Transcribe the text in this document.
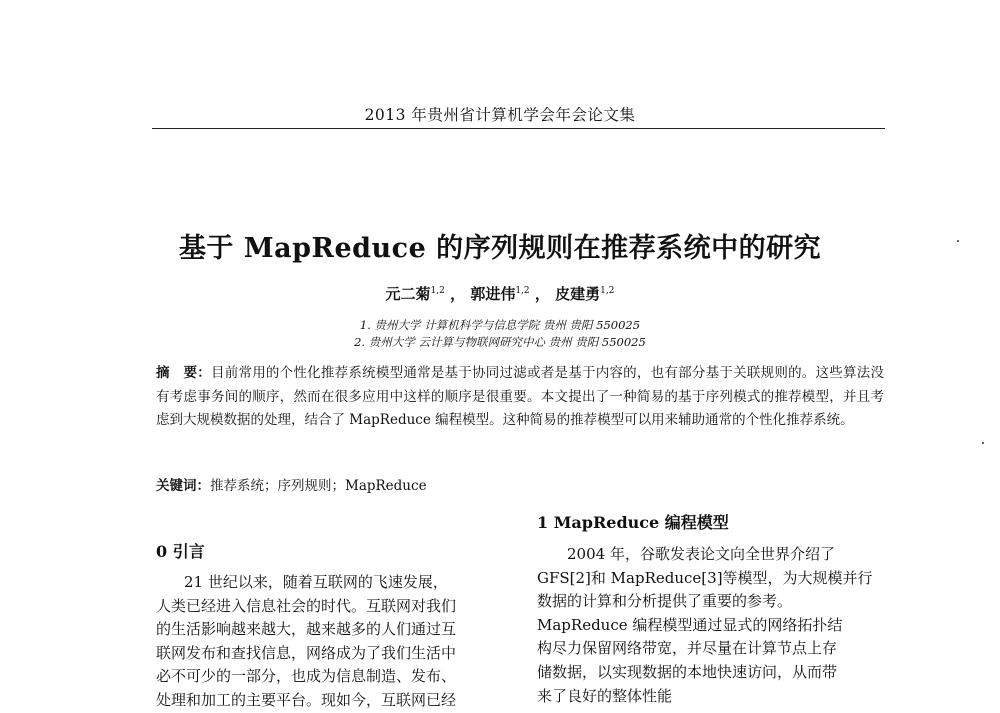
2013 年贵州省计算机学会年会论文集
基于 MapReduce 的序列规则在推荐系统中的研究
元二菊$^{1,2}$ ， 郭进伟$^{1,2}$ ， 皮建勇$^{1,2}$
1. 贵州大学 计算机科学与信息学院 贵州 贵阳 550025
2. 贵州大学 云计算与物联网研究中心 贵州 贵阳 550025
摘　要：目前常用的个性化推荐系统模型通常是基于协同过滤或者是基于内容的，也有部分基于关联规则的。这些算法没有考虑事务间的顺序，然而在很多应用中这样的顺序是很重要。本文提出了一种简易的基于序列模式的推荐模型，并且考虑到大规模数据的处理，结合了 MapReduce 编程模型。这种简易的推荐模型可以用来辅助通常的个性化推荐系统。
关键词：推荐系统；序列规则；MapReduce
0 引言
21 世纪以来，随着互联网的飞速发展，
人类已经进入信息社会的时代。互联网对我们
的生活影响越来越大，越来越多的人们通过互
联网发布和查找信息，网络成为了我们生活中
必不可少的一部分，也成为信息制造、发布、
处理和加工的主要平台。现如今，互联网已经
1 MapReduce 编程模型
2004 年，谷歌发表论文向全世界介绍了
GFS[2]和 MapReduce[3]等模型，为大规模并行
数据的计算和分析提供了重要的参考。
MapReduce 编程模型通过显式的网络拓扑结
构尽力保留网络带宽，并尽量在计算节点上存
储数据，以实现数据的本地快速访问，从而带
来了良好的整体性能
